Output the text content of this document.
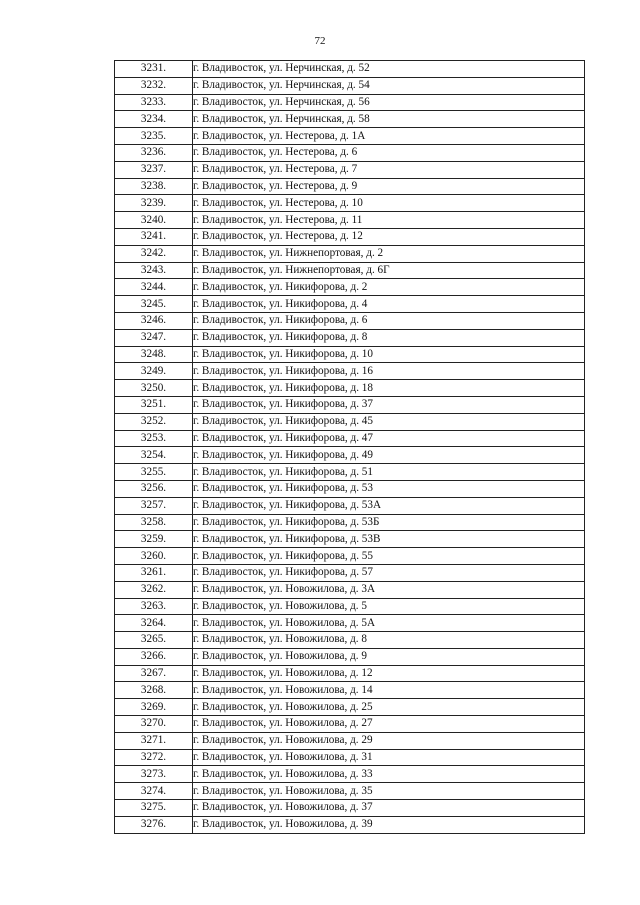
72
3231.	г. Владивосток, ул. Нерчинская, д. 52
3232.	г. Владивосток, ул. Нерчинская, д. 54
3233.	г. Владивосток, ул. Нерчинская, д. 56
3234.	г. Владивосток, ул. Нерчинская, д. 58
3235.	г. Владивосток, ул. Нестерова, д. 1А
3236.	г. Владивосток, ул. Нестерова, д. 6
3237.	г. Владивосток, ул. Нестерова, д. 7
3238.	г. Владивосток, ул. Нестерова, д. 9
3239.	г. Владивосток, ул. Нестерова, д. 10
3240.	г. Владивосток, ул. Нестерова, д. 11
3241.	г. Владивосток, ул. Нестерова, д. 12
3242.	г. Владивосток, ул. Нижнепортовая, д. 2
3243.	г. Владивосток, ул. Нижнепортовая, д. 6Г
3244.	г. Владивосток, ул. Никифорова, д. 2
3245.	г. Владивосток, ул. Никифорова, д. 4
3246.	г. Владивосток, ул. Никифорова, д. 6
3247.	г. Владивосток, ул. Никифорова, д. 8
3248.	г. Владивосток, ул. Никифорова, д. 10
3249.	г. Владивосток, ул. Никифорова, д. 16
3250.	г. Владивосток, ул. Никифорова, д. 18
3251.	г. Владивосток, ул. Никифорова, д. 37
3252.	г. Владивосток, ул. Никифорова, д. 45
3253.	г. Владивосток, ул. Никифорова, д. 47
3254.	г. Владивосток, ул. Никифорова, д. 49
3255.	г. Владивосток, ул. Никифорова, д. 51
3256.	г. Владивосток, ул. Никифорова, д. 53
3257.	г. Владивосток, ул. Никифорова, д. 53А
3258.	г. Владивосток, ул. Никифорова, д. 53Б
3259.	г. Владивосток, ул. Никифорова, д. 53В
3260.	г. Владивосток, ул. Никифорова, д. 55
3261.	г. Владивосток, ул. Никифорова, д. 57
3262.	г. Владивосток, ул. Новожилова, д. 3А
3263.	г. Владивосток, ул. Новожилова, д. 5
3264.	г. Владивосток, ул. Новожилова, д. 5А
3265.	г. Владивосток, ул. Новожилова, д. 8
3266.	г. Владивосток, ул. Новожилова, д. 9
3267.	г. Владивосток, ул. Новожилова, д. 12
3268.	г. Владивосток, ул. Новожилова, д. 14
3269.	г. Владивосток, ул. Новожилова, д. 25
3270.	г. Владивосток, ул. Новожилова, д. 27
3271.	г. Владивосток, ул. Новожилова, д. 29
3272.	г. Владивосток, ул. Новожилова, д. 31
3273.	г. Владивосток, ул. Новожилова, д. 33
3274.	г. Владивосток, ул. Новожилова, д. 35
3275.	г. Владивосток, ул. Новожилова, д. 37
3276.	г. Владивосток, ул. Новожилова, д. 39
